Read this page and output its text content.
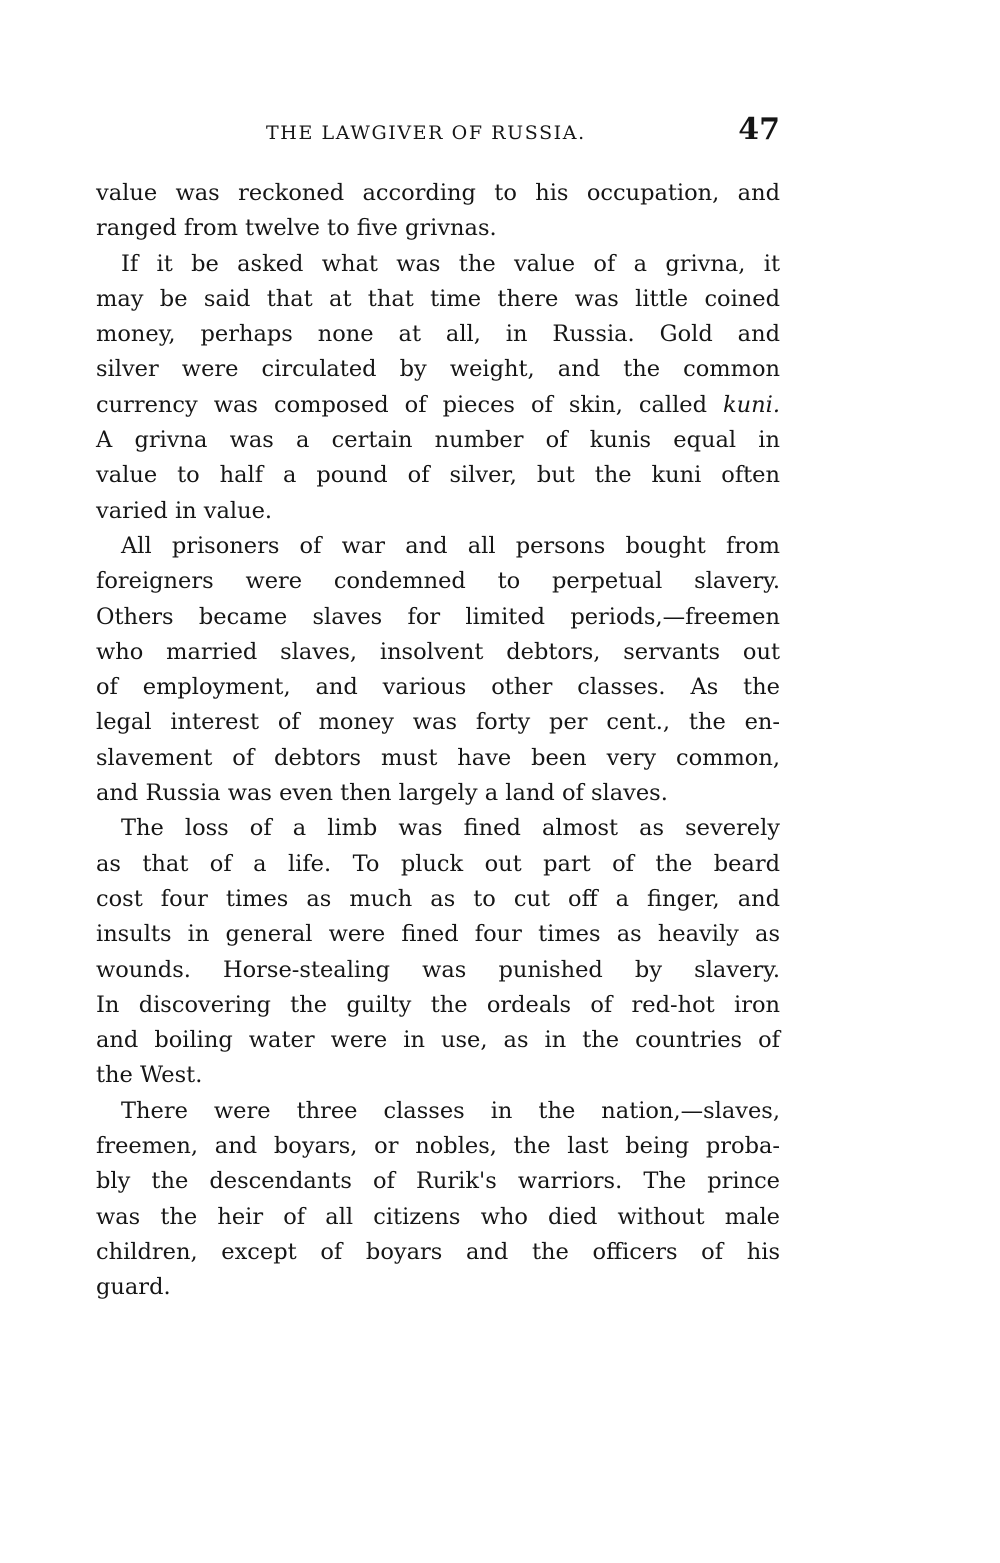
THE LAWGIVER OF RUSSIA.	47

value was reckoned according to his occupation, and
ranged from twelve to five grivnas.

If it be asked what was the value of a grivna, it
may be said that at that time there was little coined
money, perhaps none at all, in Russia. Gold and
silver were circulated by weight, and the common
currency was composed of pieces of skin, called kuni.
A grivna was a certain number of kunis equal in
value to half a pound of silver, but the kuni often
varied in value.

All prisoners of war and all persons bought from
foreigners were condemned to perpetual slavery.
Others became slaves for limited periods,—freemen
who married slaves, insolvent debtors, servants out
of employment, and various other classes. As the
legal interest of money was forty per cent., the en-
slavement of debtors must have been very common,
and Russia was even then largely a land of slaves.

The loss of a limb was fined almost as severely
as that of a life. To pluck out part of the beard
cost four times as much as to cut off a finger, and
insults in general were fined four times as heavily as
wounds. Horse-stealing was punished by slavery.
In discovering the guilty the ordeals of red-hot iron
and boiling water were in use, as in the countries of
the West.

There were three classes in the nation,—slaves,
freemen, and boyars, or nobles, the last being proba-
bly the descendants of Rurik's warriors. The prince
was the heir of all citizens who died without male
children, except of boyars and the officers of his
guard.
